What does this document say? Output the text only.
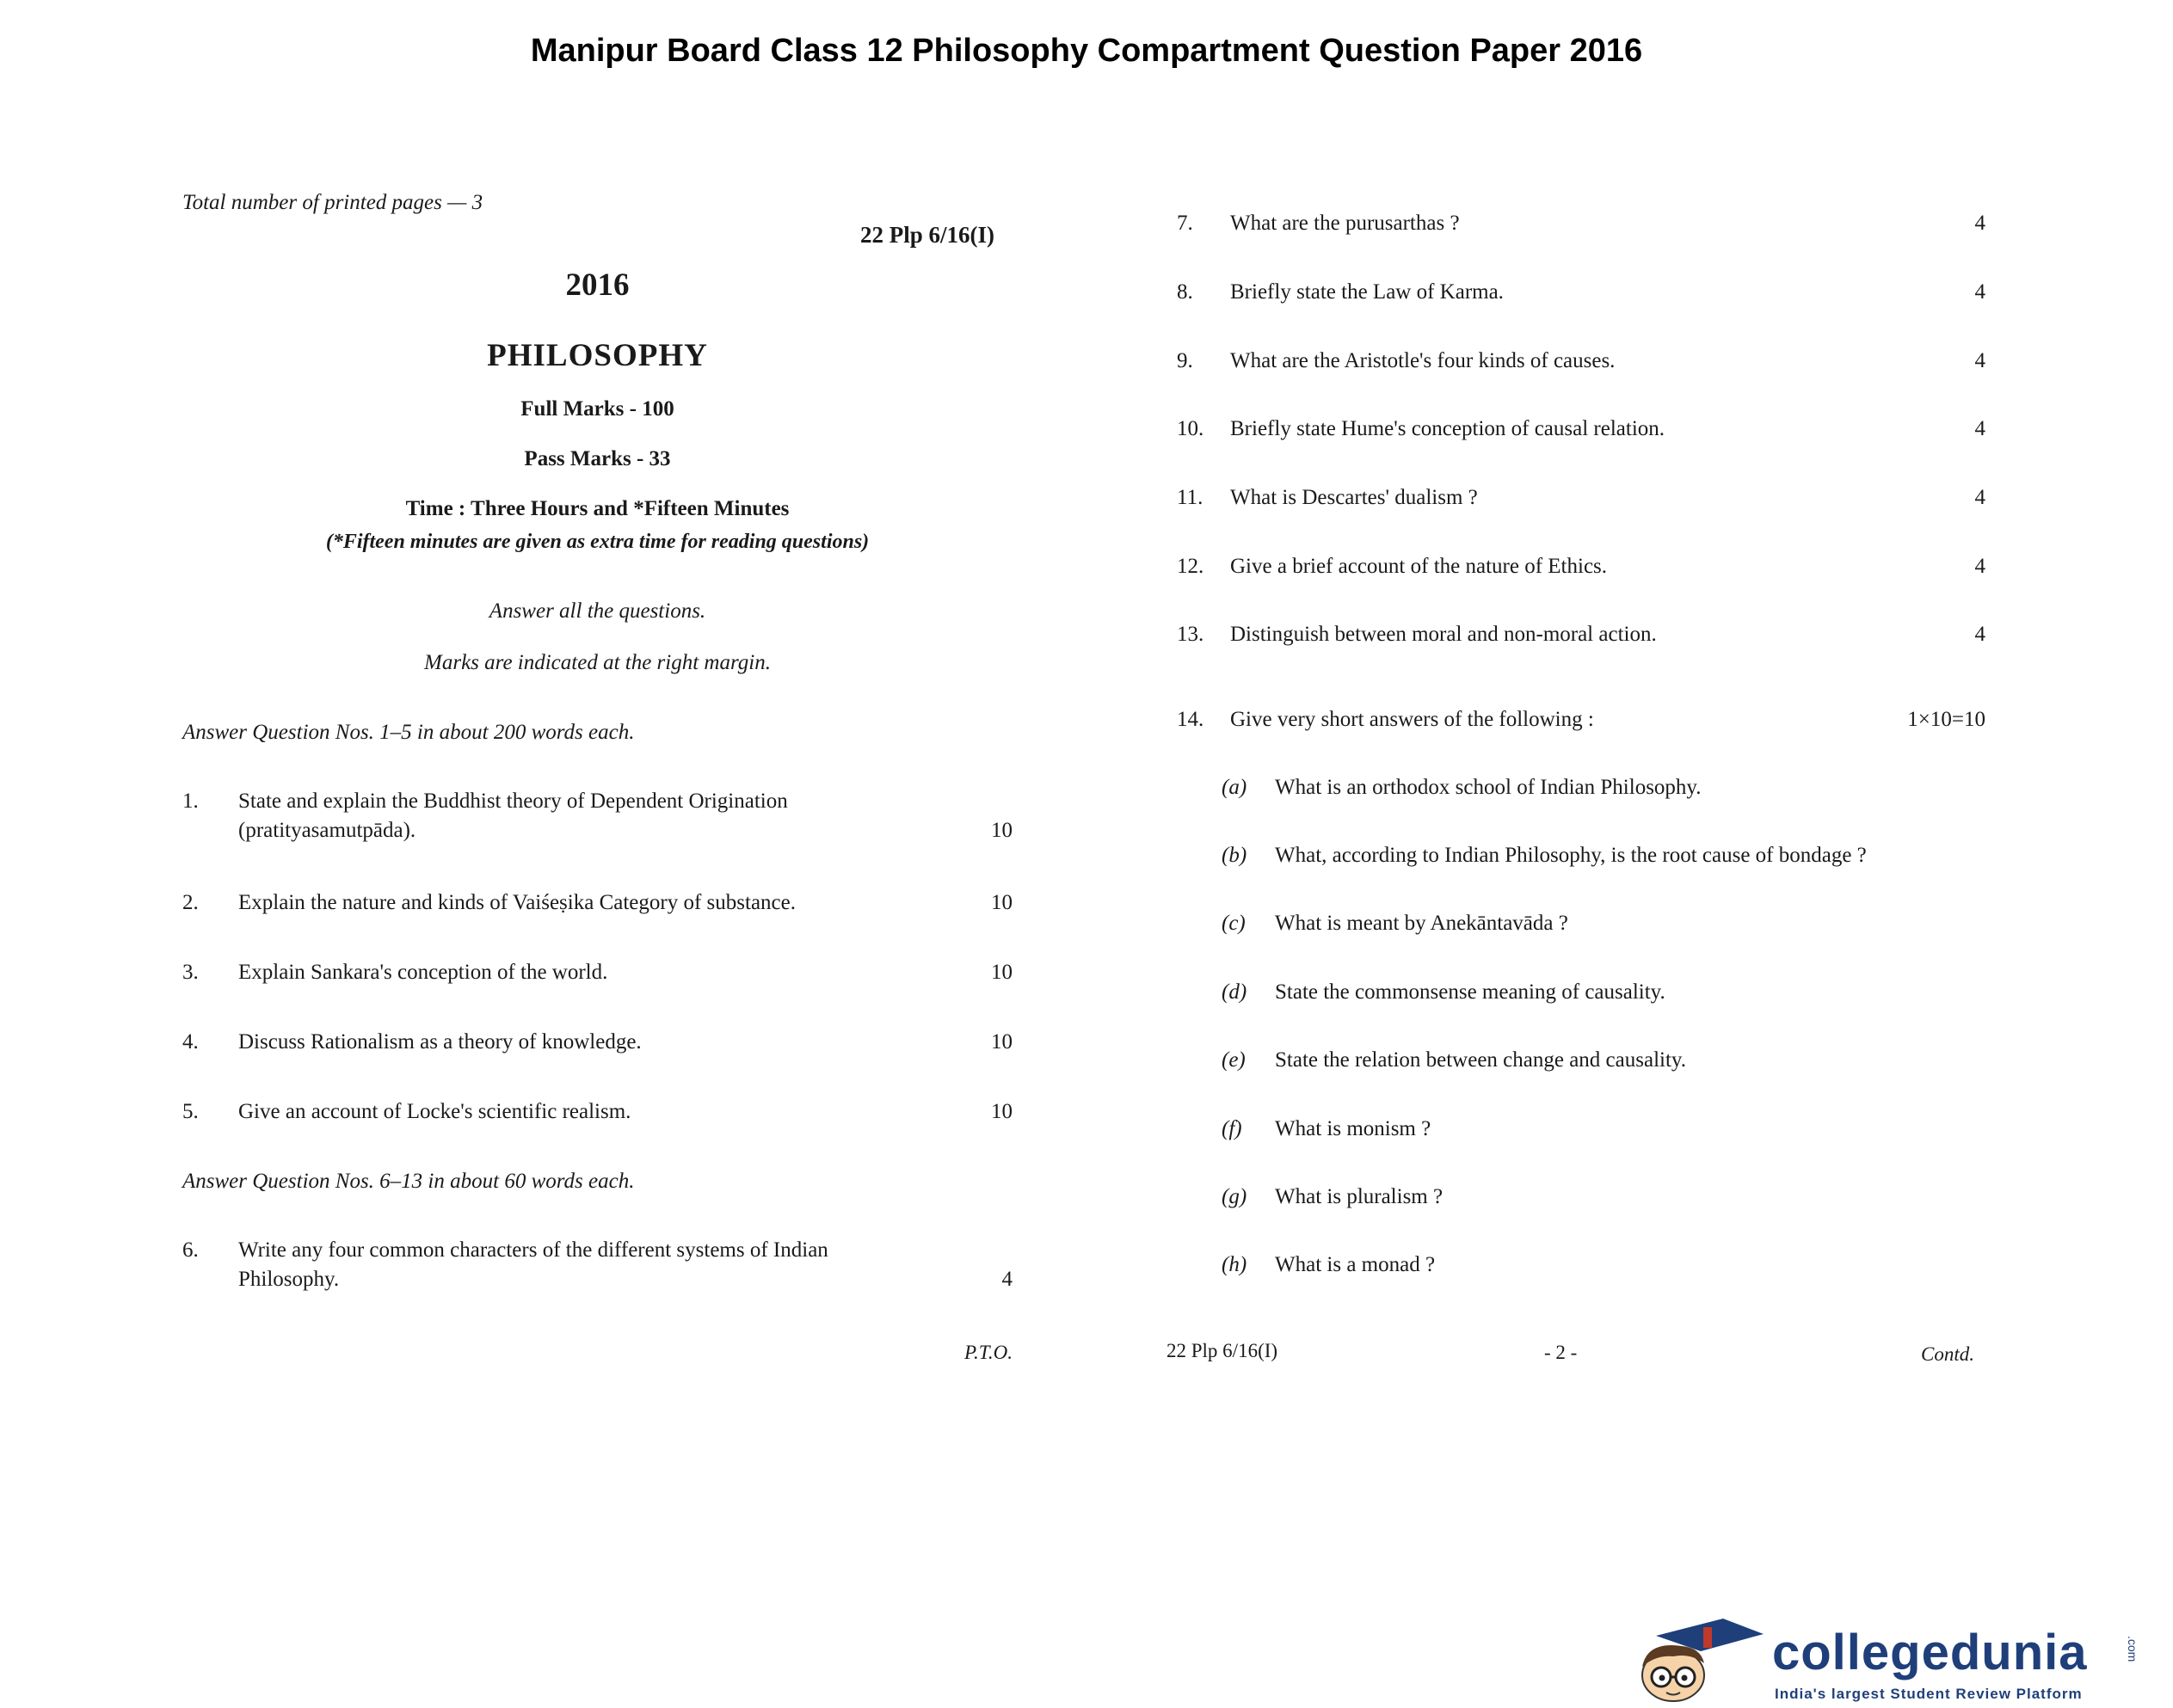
Manipur Board Class 12 Philosophy Compartment Question Paper 2016
Total number of printed pages — 3
22 Plp 6/16(I)
2016
PHILOSOPHY
Full Marks - 100
Pass Marks - 33
Time : Three Hours and *Fifteen Minutes
(*Fifteen minutes are given as extra time for reading questions)
Answer all the questions.
Marks are indicated at the right margin.
Answer Question Nos. 1–5 in about 200 words each.
1. State and explain the Buddhist theory of Dependent Origination
(pratityasamutpāda).	10
2. Explain the nature and kinds of Vaiśeṣika Category of substance.	10
3. Explain Sankara's conception of the world.	10
4. Discuss Rationalism as a theory of knowledge.	10
5. Give an account of Locke's scientific realism.	10
Answer Question Nos. 6–13 in about 60 words each.
6. Write any four common characters of the different systems of Indian
Philosophy.	4
P.T.O.
7. What are the purusarthas ?	4
8. Briefly state the Law of Karma.	4
9. What are the Aristotle's four kinds of causes.	4
10. Briefly state Hume's conception of causal relation.	4
11. What is Descartes' dualism ?	4
12. Give a brief account of the nature of Ethics.	4
13. Distinguish between moral and non-moral action.	4
14. Give very short answers of the following :	1×10=10
(a) What is an orthodox school of Indian Philosophy.
(b) What, according to Indian Philosophy, is the root cause of bondage ?
(c) What is meant by Anekāntavāda ?
(d) State the commonsense meaning of causality.
(e) State the relation between change and causality.
(f) What is monism ?
(g) What is pluralism ?
(h) What is a monad ?
22 Plp 6/16(I)	- 2 -	Contd.
collegedunia	.com
India's largest Student Review Platform
